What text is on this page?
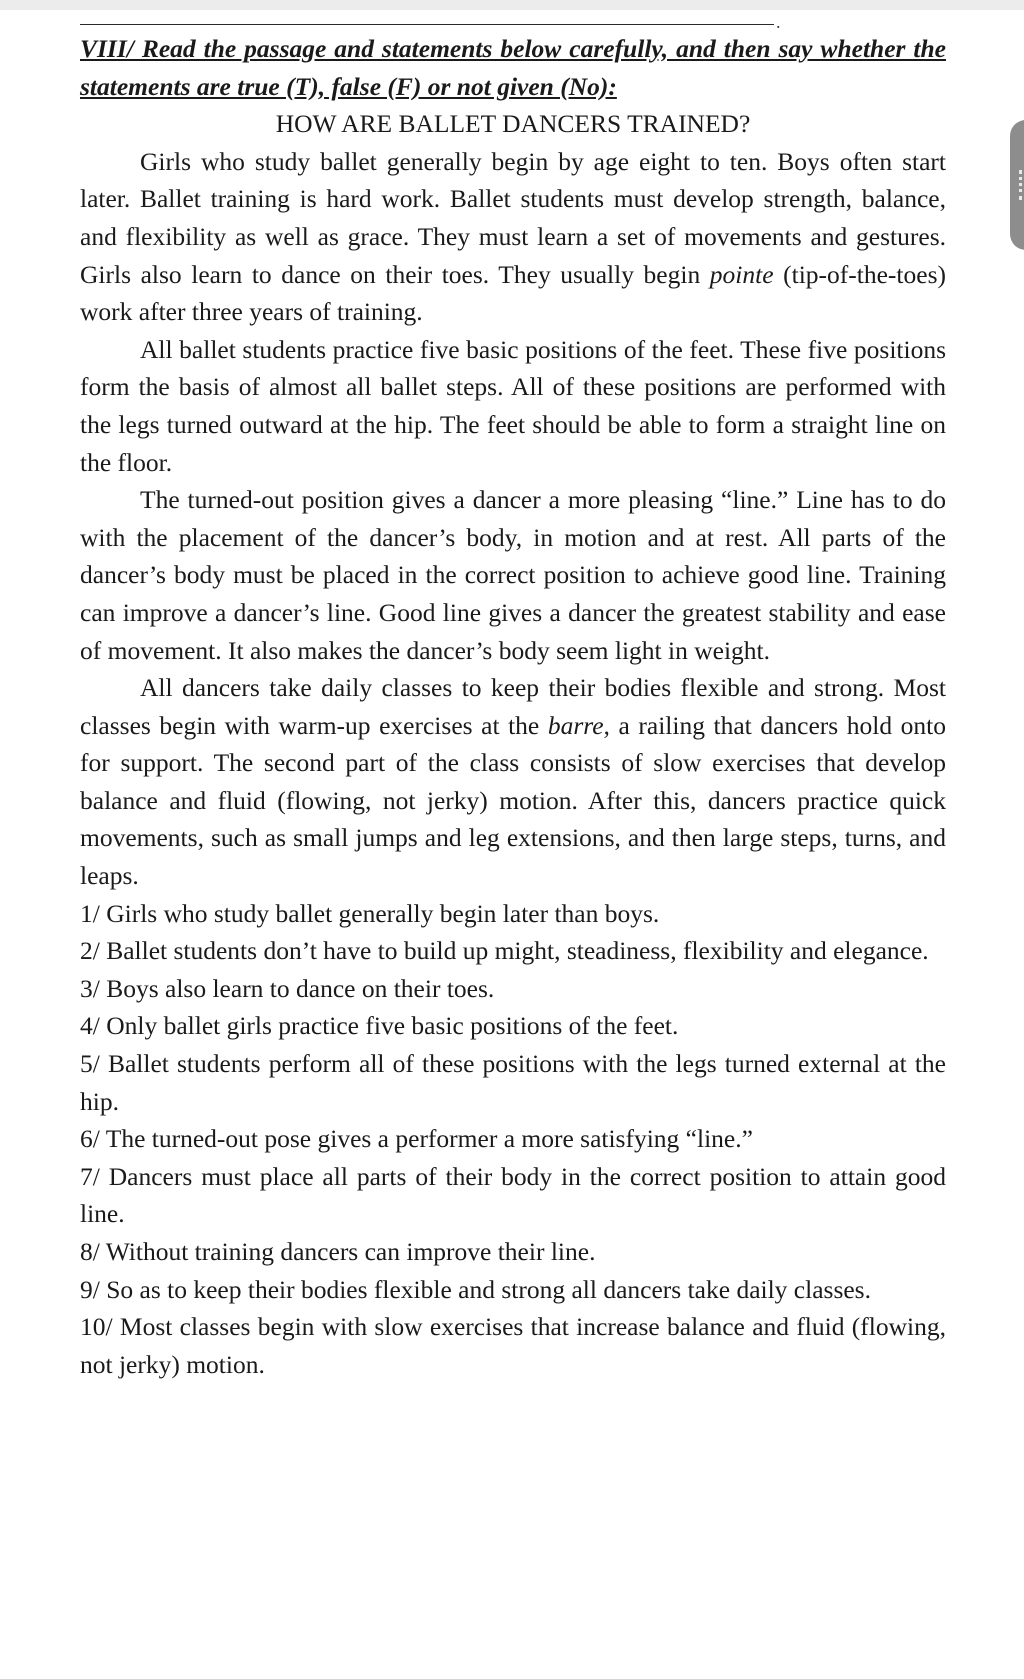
.

VIII/ Read the passage and statements below carefully, and then say whether the statements are true (T), false (F) or not given (No):

HOW ARE BALLET DANCERS TRAINED?

Girls who study ballet generally begin by age eight to ten. Boys often start later. Ballet training is hard work. Ballet students must develop strength, balance, and flexibility as well as grace. They must learn a set of movements and gestures. Girls also learn to dance on their toes. They usually begin pointe (tip-of-the-toes) work after three years of training.

All ballet students practice five basic positions of the feet. These five positions form the basis of almost all ballet steps. All of these positions are performed with the legs turned outward at the hip. The feet should be able to form a straight line on the floor.

The turned-out position gives a dancer a more pleasing “line.” Line has to do with the placement of the dancer’s body, in motion and at rest. All parts of the dancer’s body must be placed in the correct position to achieve good line. Training can improve a dancer’s line. Good line gives a dancer the greatest stability and ease of movement. It also makes the dancer’s body seem light in weight.

All dancers take daily classes to keep their bodies flexible and strong. Most classes begin with warm-up exercises at the barre, a railing that dancers hold onto for support. The second part of the class consists of slow exercises that develop balance and fluid (flowing, not jerky) motion. After this, dancers practice quick movements, such as small jumps and leg extensions, and then large steps, turns, and leaps.

1/ Girls who study ballet generally begin later than boys.

2/ Ballet students don’t have to build up might, steadiness, flexibility and elegance.

3/ Boys also learn to dance on their toes.

4/ Only ballet girls practice five basic positions of the feet.

5/ Ballet students perform all of these positions with the legs turned external at the hip.

6/ The turned-out pose gives a performer a more satisfying “line.”

7/ Dancers must place all parts of their body in the correct position to attain good line.

8/ Without training dancers can improve their line.

9/ So as to keep their bodies flexible and strong all dancers take daily classes.

10/ Most classes begin with slow exercises that increase balance and fluid (flowing, not jerky) motion.
